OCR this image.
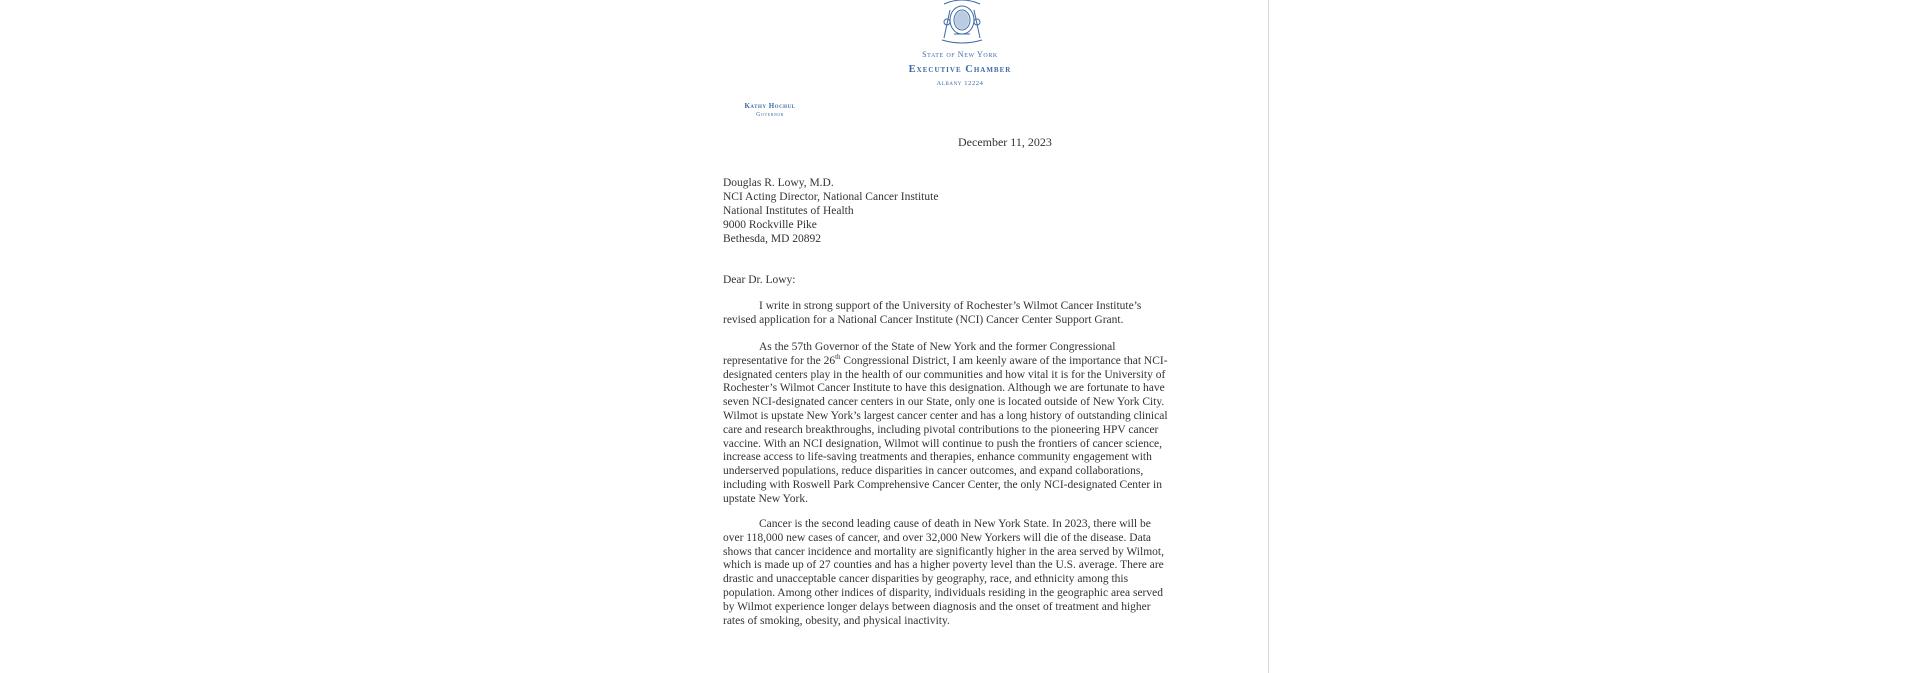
State of New York
Executive Chamber
Albany 12224
Kathy Hochul
Governor
December 11, 2023
Douglas R. Lowy, M.D.
NCI Acting Director, National Cancer Institute
National Institutes of Health
9000 Rockville Pike
Bethesda, MD 20892
Dear Dr. Lowy:
I write in strong support of the University of Rochester’s Wilmot Cancer Institute’s
revised application for a National Cancer Institute (NCI) Cancer Center Support Grant.
As the 57th Governor of the State of New York and the former Congressional
representative for the 26th Congressional District, I am keenly aware of the importance that NCI-
designated centers play in the health of our communities and how vital it is for the University of
Rochester’s Wilmot Cancer Institute to have this designation. Although we are fortunate to have
seven NCI-designated cancer centers in our State, only one is located outside of New York City.
Wilmot is upstate New York’s largest cancer center and has a long history of outstanding clinical
care and research breakthroughs, including pivotal contributions to the pioneering HPV cancer
vaccine. With an NCI designation, Wilmot will continue to push the frontiers of cancer science,
increase access to life-saving treatments and therapies, enhance community engagement with
underserved populations, reduce disparities in cancer outcomes, and expand collaborations,
including with Roswell Park Comprehensive Cancer Center, the only NCI-designated Center in
upstate New York.
Cancer is the second leading cause of death in New York State. In 2023, there will be
over 118,000 new cases of cancer, and over 32,000 New Yorkers will die of the disease. Data
shows that cancer incidence and mortality are significantly higher in the area served by Wilmot,
which is made up of 27 counties and has a higher poverty level than the U.S. average. There are
drastic and unacceptable cancer disparities by geography, race, and ethnicity among this
population. Among other indices of disparity, individuals residing in the geographic area served
by Wilmot experience longer delays between diagnosis and the onset of treatment and higher
rates of smoking, obesity, and physical inactivity.
